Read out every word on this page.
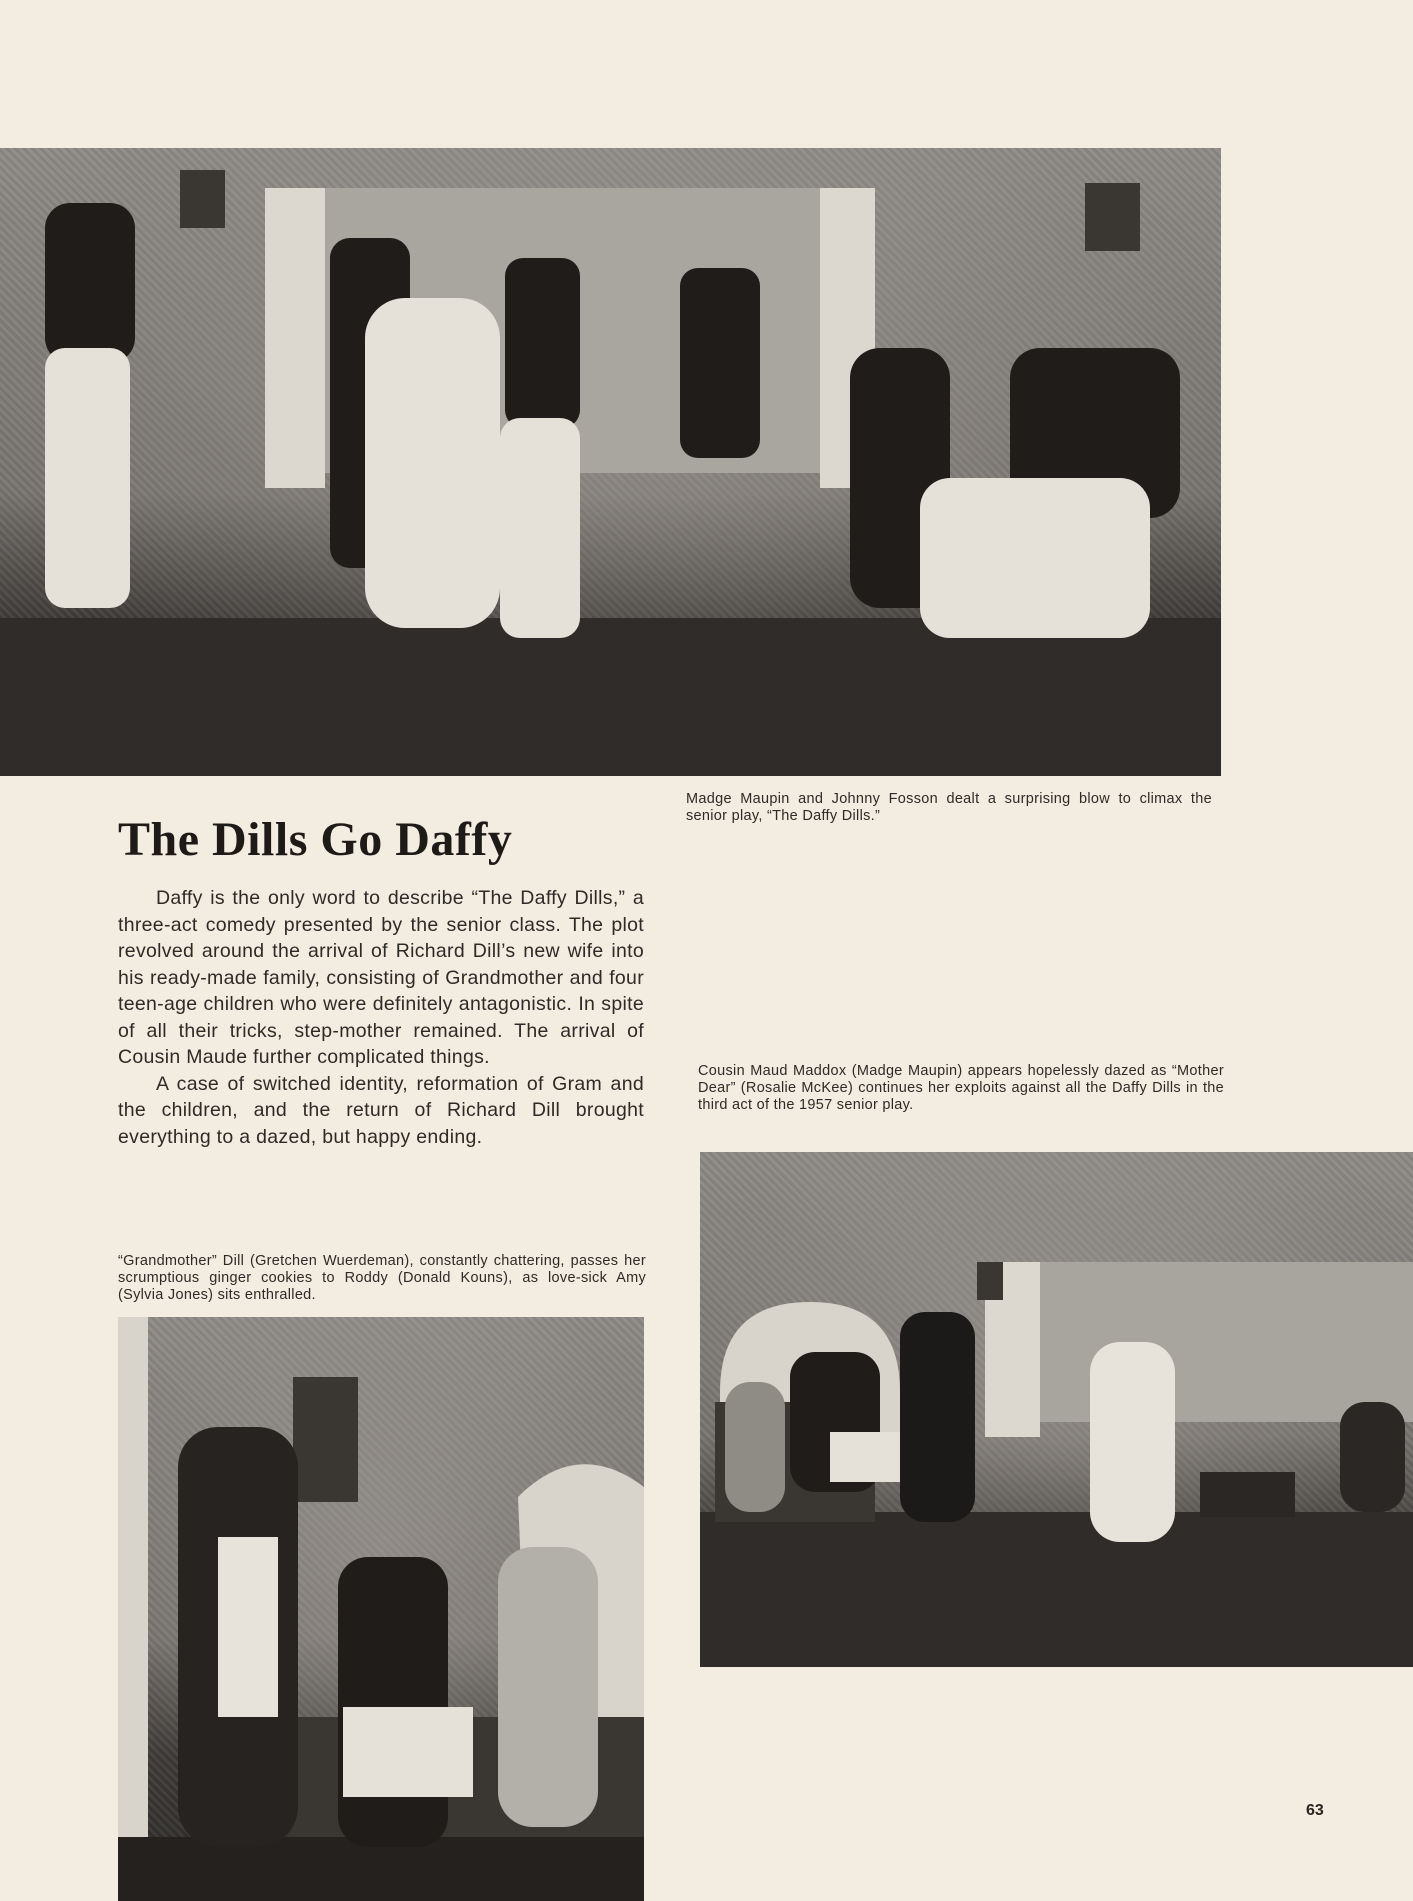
Madge Maupin and Johnny Fosson dealt a surprising blow to climax the senior play, “The Daffy Dills.”
The Dills Go Daffy

Daffy is the only word to describe “The Daffy Dills,” a three-act comedy presented by the senior class. The plot revolved around the arrival of Richard Dill’s new wife into his ready-made family, consisting of Grandmother and four teen-age children who were definitely antagonistic. In spite of all their tricks, step-mother remained. The arrival of Cousin Maude further complicated things.

A case of switched identity, reformation of Gram and the children, and the return of Richard Dill brought everything to a dazed, but happy ending.

Cousin Maud Maddox (Madge Maupin) appears hopelessly dazed as “Mother Dear” (Rosalie McKee) continues her exploits against all the Daffy Dills in the third act of the 1957 senior play.
“Grandmother” Dill (Gretchen Wuerdeman), constantly chattering, passes her scrumptious ginger cookies to Roddy (Donald Kouns), as love-sick Amy (Sylvia Jones) sits enthralled.
63
